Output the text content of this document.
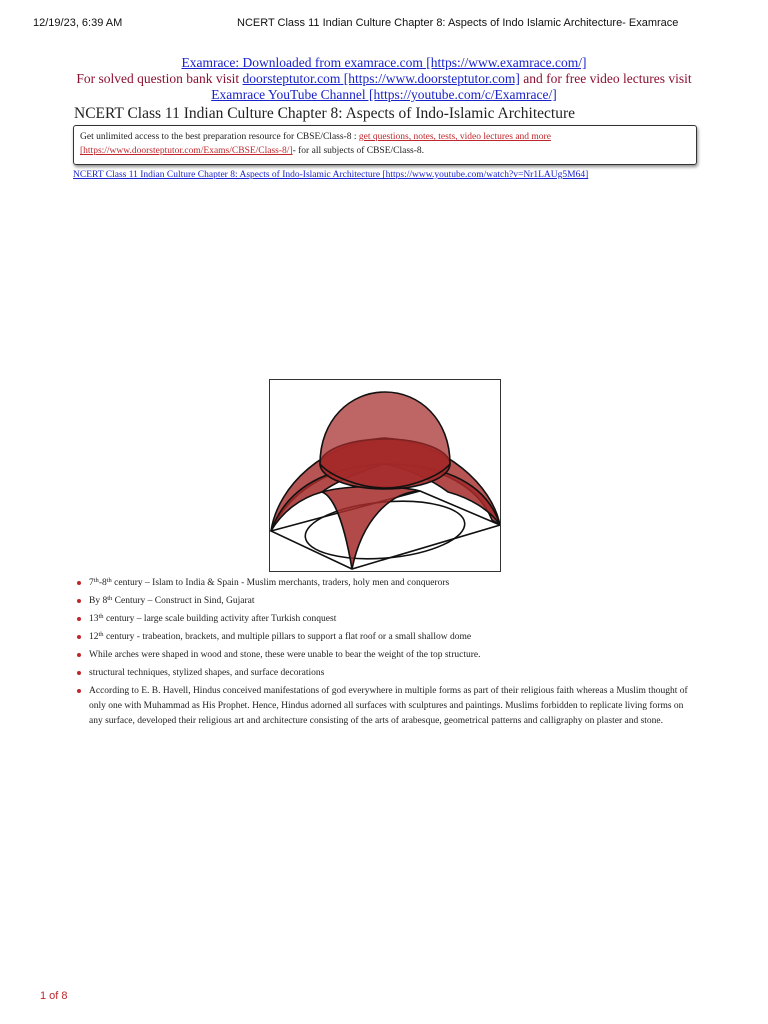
12/19/23, 6:39 AM	NCERT Class 11 Indian Culture Chapter 8: Aspects of Indo Islamic Architecture- Examrace
Examrace: Downloaded from examrace.com [https://www.examrace.com/]
For solved question bank visit doorsteptutor.com [https://www.doorsteptutor.com] and for free video lectures visit
Examrace YouTube Channel [https://youtube.com/c/Examrace/]
NCERT Class 11 Indian Culture Chapter 8: Aspects of Indo-Islamic Architecture
Get unlimited access to the best preparation resource for CBSE/Class-8 : get questions, notes, tests, video lectures and more
[https://www.doorsteptutor.com/Exams/CBSE/Class-8/]- for all subjects of CBSE/Class-8.
NCERT Class 11 Indian Culture Chapter 8: Aspects of Indo-Islamic Architecture [https://www.youtube.com/watch?v=Nr1LAUg5M64]
7th-8th century – Islam to India & Spain - Muslim merchants, traders, holy men and conquerors
By 8th Century – Construct in Sind, Gujarat
13th century – large scale building activity after Turkish conquest
12th century - trabeation, brackets, and multiple pillars to support a flat roof or a small shallow dome
While arches were shaped in wood and stone, these were unable to bear the weight of the top structure.
structural techniques, stylized shapes, and surface decorations
According to E. B. Havell, Hindus conceived manifestations of god everywhere in multiple forms as part of their religious faith whereas a Muslim thought of only one with Muhammad as His Prophet. Hence, Hindus adorned all surfaces with sculptures and paintings. Muslims forbidden to replicate living forms on any surface, developed their religious art and architecture consisting of the arts of arabesque, geometrical patterns and calligraphy on plaster and stone.
1 of 8
